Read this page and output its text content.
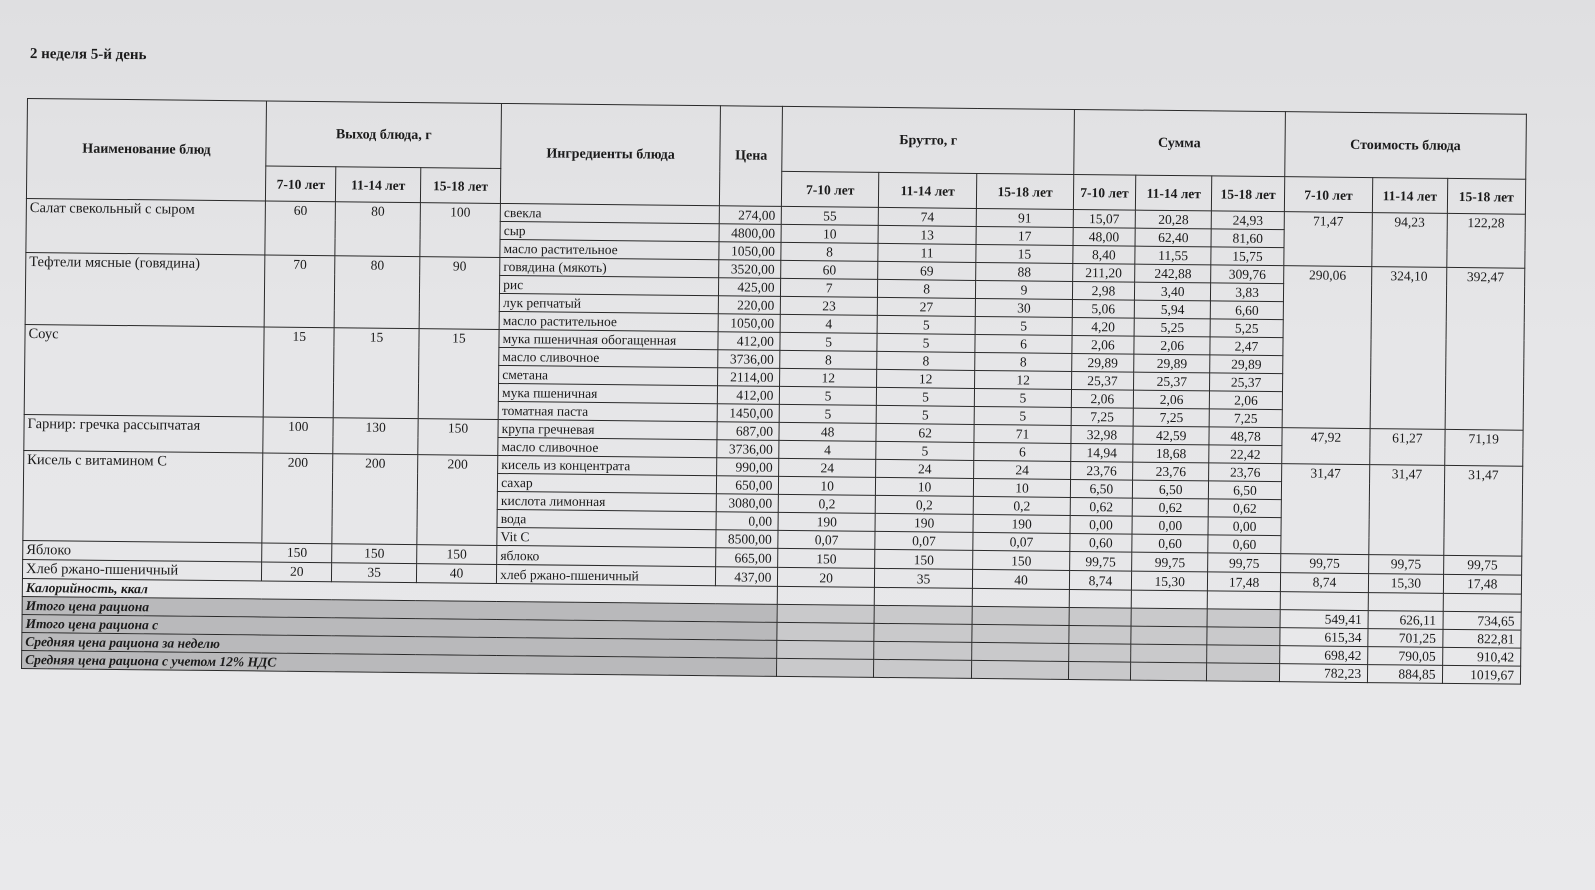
2 неделя 5-й день
Наименование блюд	Выход блюда, г			Ингредиенты блюда	Цена	Брутто, г			Сумма			Стоимость блюда		
	7-10 лет	11-14 лет	15-18 лет			7-10 лет	11-14 лет	15-18 лет	7-10 лет	11-14 лет	15-18 лет	7-10 лет	11-14 лет	15-18 лет
Салат свекольный с сыром	60	80	100	свекла	274,00	55	74	91	15,07	20,28	24,93	71,47	94,23	122,28
				сыр	4800,00	10	13	17	48,00	62,40	81,60			
				масло растительное	1050,00	8	11	15	8,40	11,55	15,75			
Тефтели мясные (говядина)	70	80	90	говядина (мякоть)	3520,00	60	69	88	211,20	242,88	309,76	290,06	324,10	392,47
				рис	425,00	7	8	9	2,98	3,40	3,83			
				лук репчатый	220,00	23	27	30	5,06	5,94	6,60			
				масло растительное	1050,00	4	5	5	4,20	5,25	5,25			
Соус	15	15	15	мука пшеничная обогащенная	412,00	5	5	6	2,06	2,06	2,47			
				масло сливочное	3736,00	8	8	8	29,89	29,89	29,89			
				сметана	2114,00	12	12	12	25,37	25,37	25,37			
				мука пшеничная	412,00	5	5	5	2,06	2,06	2,06			
				томатная паста	1450,00	5	5	5	7,25	7,25	7,25			
Гарнир: гречка рассыпчатая	100	130	150	крупа гречневая	687,00	48	62	71	32,98	42,59	48,78	47,92	61,27	71,19
				масло сливочное	3736,00	4	5	6	14,94	18,68	22,42			
Кисель с витамином С	200	200	200	кисель из концентрата	990,00	24	24	24	23,76	23,76	23,76	31,47	31,47	31,47
				сахар	650,00	10	10	10	6,50	6,50	6,50			
				кислота лимонная	3080,00	0,2	0,2	0,2	0,62	0,62	0,62			
				вода	0,00	190	190	190	0,00	0,00	0,00			
				Vit C	8500,00	0,07	0,07	0,07	0,60	0,60	0,60			
Яблоко	150	150	150	яблоко	665,00	150	150	150	99,75	99,75	99,75	99,75	99,75	99,75
Хлеб ржано-пшеничный	20	35	40	хлеб ржано-пшеничный	437,00	20	35	40	8,74	15,30	17,48	8,74	15,30	17,48
Калорийность, ккал														
Итого цена рациона												549,41	626,11	734,65
Итого цена рациона с												615,34	701,25	822,81
Средняя цена рациона за неделю												698,42	790,05	910,42
Средняя цена рациона с учетом 12% НДС												782,23	884,85	1019,67
